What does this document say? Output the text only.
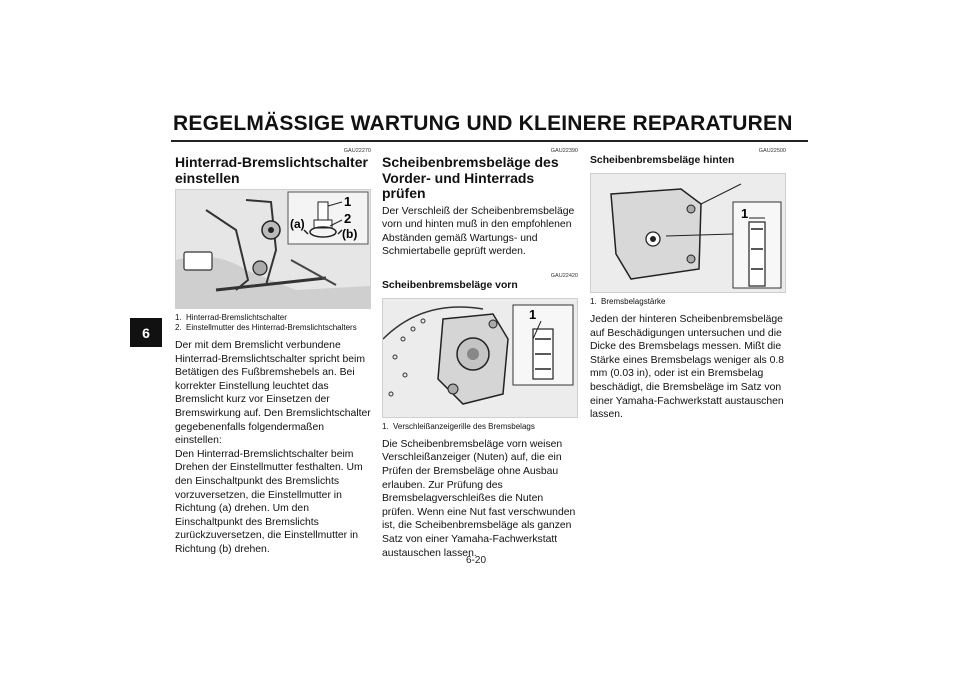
REGELMÄSSIGE WARTUNG UND KLEINERE REPARATUREN
6
GAU22270
Hinterrad-Bremslichtschalter einstellen
1
2
(a)
(b)
1. Hinterrad-Bremslichtschalter
2. Einstellmutter des Hinterrad-Bremslichtschalters

Der mit dem Bremslicht verbundene Hinterrad-Bremslichtschalter spricht beim Betätigen des Fußbremshebels an. Bei korrekter Einstellung leuchtet das Bremslicht kurz vor Einsetzen der Bremswirkung auf. Den Bremslichtschalter gegebenenfalls folgendermaßen einstellen:
Den Hinterrad-Bremslichtschalter beim Drehen der Einstellmutter festhalten. Um den Einschaltpunkt des Bremslichts vorzuversetzen, die Einstellmutter in Richtung (a) drehen. Um den Einschaltpunkt des Bremslichts zurückzuversetzen, die Einstellmutter in Richtung (b) drehen.

GAU22390
Scheibenbremsbeläge des Vorder- und Hinterrads prüfen

Der Verschleiß der Scheibenbremsbeläge vorn und hinten muß in den empfohlenen Abständen gemäß Wartungs- und Schmiertabelle geprüft werden.

GAU22420
Scheibenbremsbeläge vorn
1
1. Verschleißanzeigerille des Bremsbelags

Die Scheibenbremsbeläge vorn weisen Verschleißanzeiger (Nuten) auf, die ein Prüfen der Bremsbeläge ohne Ausbau erlauben. Zur Prüfung des Bremsbelagverschleißes die Nuten prüfen. Wenn eine Nut fast verschwunden ist, die Scheibenbremsbeläge als ganzen Satz von einer Yamaha-Fachwerkstatt austauschen lassen.

GAU22500
Scheibenbremsbeläge hinten
1
1. Bremsbelagstärke

Jeden der hinteren Scheibenbremsbeläge auf Beschädigungen untersuchen und die Dicke des Bremsbelags messen. Mißt die Stärke eines Bremsbelags weniger als 0.8 mm (0.03 in), oder ist ein Bremsbelag beschädigt, die Bremsbeläge im Satz von einer Yamaha-Fachwerkstatt austauschen lassen.

6-20
